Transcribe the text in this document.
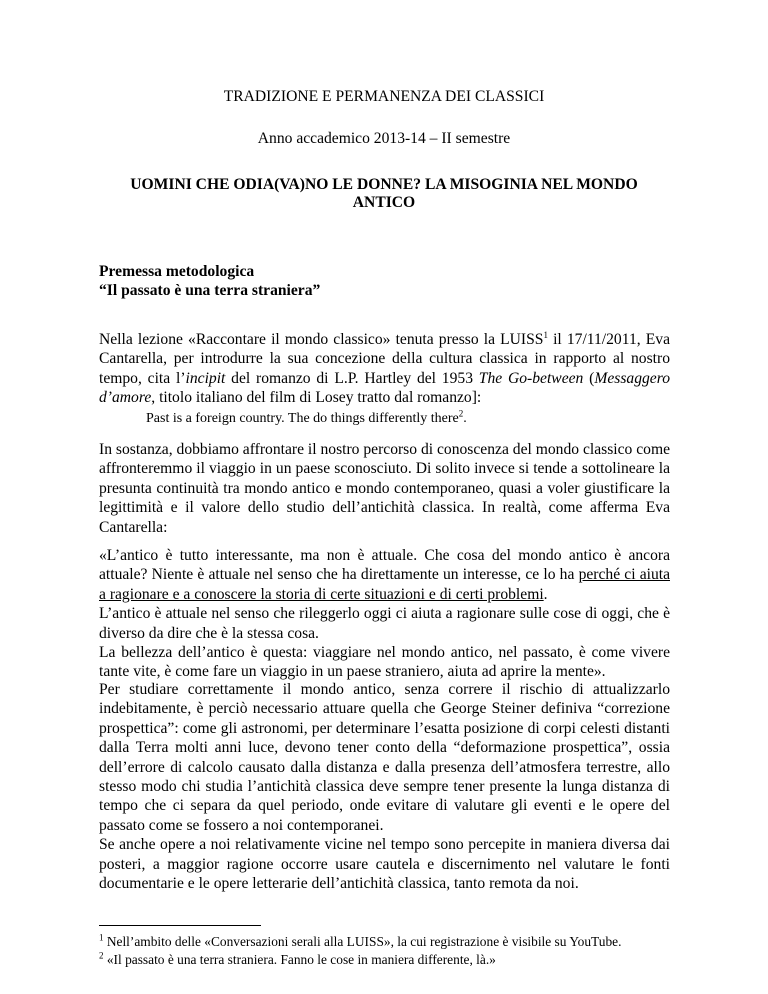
TRADIZIONE E PERMANENZA DEI CLASSICI
Anno accademico 2013-14 – II semestre
UOMINI CHE ODIA(VA)NO LE DONNE? LA MISOGINIA NEL MONDO
ANTICO
Premessa metodologica
“Il passato è una terra straniera”

Nella lezione «Raccontare il mondo classico» tenuta presso la LUISS$^1$ il 17/11/2011, Eva Cantarella, per introdurre la sua concezione della cultura classica in rapporto al nostro tempo, cita l’incipit del romanzo di L.P. Hartley del 1953 The Go-between (Messaggero d’amore, titolo italiano del film di Losey tratto dal romanzo]:

Past is a foreign country. The do things differently there$^2$.

In sostanza, dobbiamo affrontare il nostro percorso di conoscenza del mondo classico come affronteremmo il viaggio in un paese sconosciuto. Di solito invece si tende a sottolineare la presunta continuità tra mondo antico e mondo contemporaneo, quasi a voler giustificare la legittimità e il valore dello studio dell’antichità classica. In realtà, come afferma Eva Cantarella:

«L’antico è tutto interessante, ma non è attuale. Che cosa del mondo antico è ancora attuale? Niente è attuale nel senso che ha direttamente un interesse, ce lo ha perché ci aiuta a ragionare e a conoscere la storia di certe situazioni e di certi problemi.

L’antico è attuale nel senso che rileggerlo oggi ci aiuta a ragionare sulle cose di oggi, che è diverso da dire che è la stessa cosa.

La bellezza dell’antico è questa: viaggiare nel mondo antico, nel passato, è come vivere tante vite, è come fare un viaggio in un paese straniero, aiuta ad aprire la mente».

Per studiare correttamente il mondo antico, senza correre il rischio di attualizzarlo indebitamente, è perciò necessario attuare quella che George Steiner definiva “correzione prospettica”: come gli astronomi, per determinare l’esatta posizione di corpi celesti distanti dalla Terra molti anni luce, devono tener conto della “deformazione prospettica”, ossia dell’errore di calcolo causato dalla distanza e dalla presenza dell’atmosfera terrestre, allo stesso modo chi studia l’antichità classica deve sempre tener presente la lunga distanza di tempo che ci separa da quel periodo, onde evitare di valutare gli eventi e le opere del passato come se fossero a noi contemporanei.

Se anche opere a noi relativamente vicine nel tempo sono percepite in maniera diversa dai posteri, a maggior ragione occorre usare cautela e discernimento nel valutare le fonti documentarie e le opere letterarie dell’antichità classica, tanto remota da noi.

$^1$ Nell’ambito delle «Conversazioni serali alla LUISS», la cui registrazione è visibile su YouTube.
$^2$ «Il passato è una terra straniera. Fanno le cose in maniera differente, là.»
